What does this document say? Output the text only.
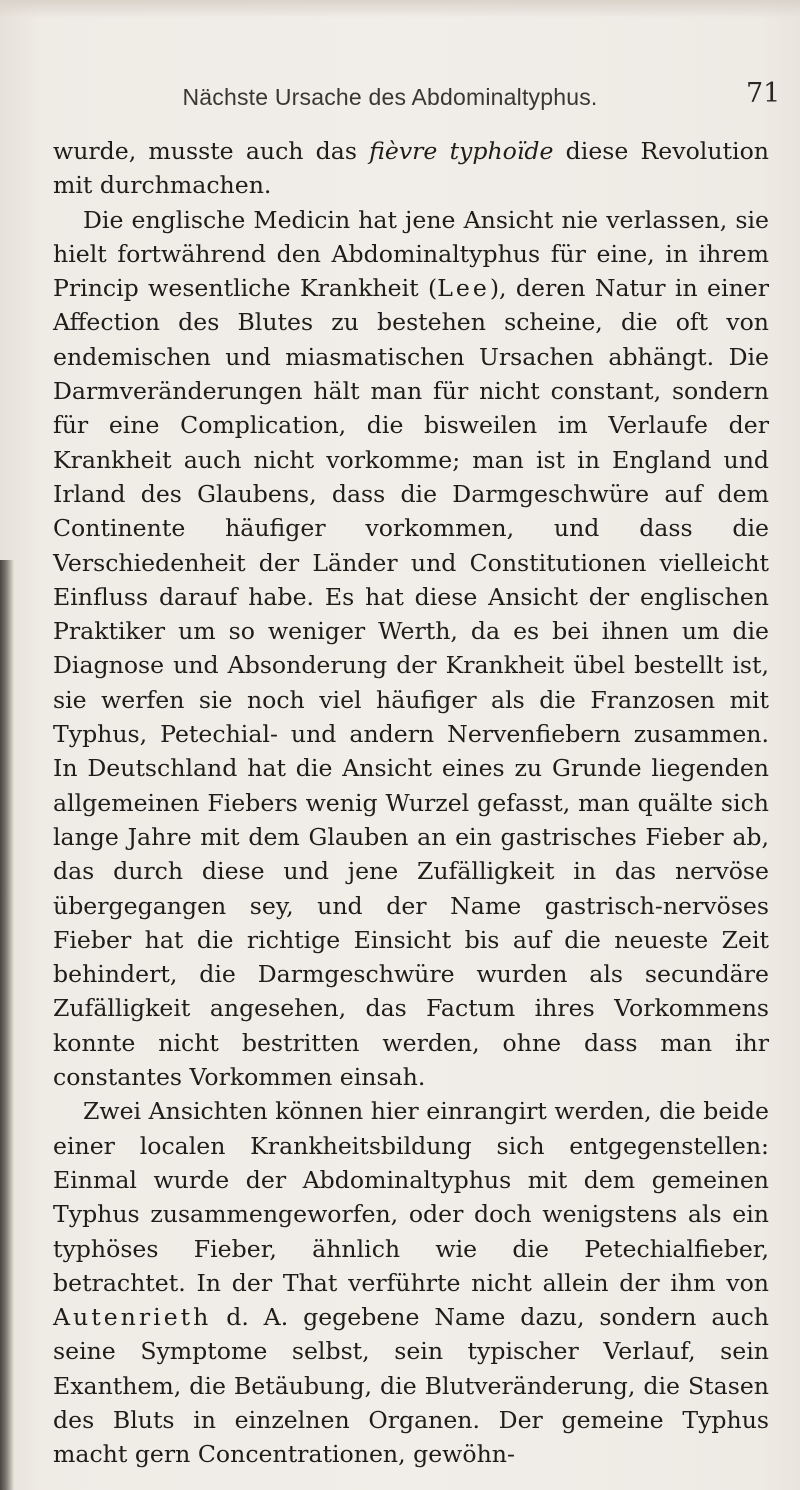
Nächste Ursache des Abdominaltyphus.	71

wurde, musste auch das fièvre typhoïde diese Revolution mit durchmachen.

Die englische Medicin hat jene Ansicht nie verlassen, sie hielt fortwährend den Abdominaltyphus für eine, in ihrem Princip wesentliche Krankheit (Lee), deren Natur in einer Affection des Blutes zu bestehen scheine, die oft von endemischen und miasmatischen Ursachen abhängt. Die Darmveränderungen hält man für nicht constant, sondern für eine Complication, die bisweilen im Verlaufe der Krankheit auch nicht vorkomme; man ist in England und Irland des Glaubens, dass die Darmgeschwüre auf dem Continente häufiger vorkommen, und dass die Verschiedenheit der Länder und Constitutionen vielleicht Einfluss darauf habe. Es hat diese Ansicht der englischen Praktiker um so weniger Werth, da es bei ihnen um die Diagnose und Absonderung der Krankheit übel bestellt ist, sie werfen sie noch viel häufiger als die Franzosen mit Typhus, Petechial- und andern Nervenfiebern zusammen. In Deutschland hat die Ansicht eines zu Grunde liegenden allgemeinen Fiebers wenig Wurzel gefasst, man quälte sich lange Jahre mit dem Glauben an ein gastrisches Fieber ab, das durch diese und jene Zufälligkeit in das nervöse übergegangen sey, und der Name gastrisch-nervöses Fieber hat die richtige Einsicht bis auf die neueste Zeit behindert, die Darmgeschwüre wurden als secundäre Zufälligkeit angesehen, das Factum ihres Vorkommens konnte nicht bestritten werden, ohne dass man ihr constantes Vorkommen einsah.

Zwei Ansichten können hier einrangirt werden, die beide einer localen Krankheitsbildung sich entgegenstellen: Einmal wurde der Abdominaltyphus mit dem gemeinen Typhus zusammengeworfen, oder doch wenigstens als ein typhöses Fieber, ähnlich wie die Petechialfieber, betrachtet. In der That verführte nicht allein der ihm von Autenrieth d. A. gegebene Name dazu, sondern auch seine Symptome selbst, sein typischer Verlauf, sein Exanthem, die Betäubung, die Blutveränderung, die Stasen des Bluts in einzelnen Organen. Der gemeine Typhus macht gern Concentrationen, gewöhn-
